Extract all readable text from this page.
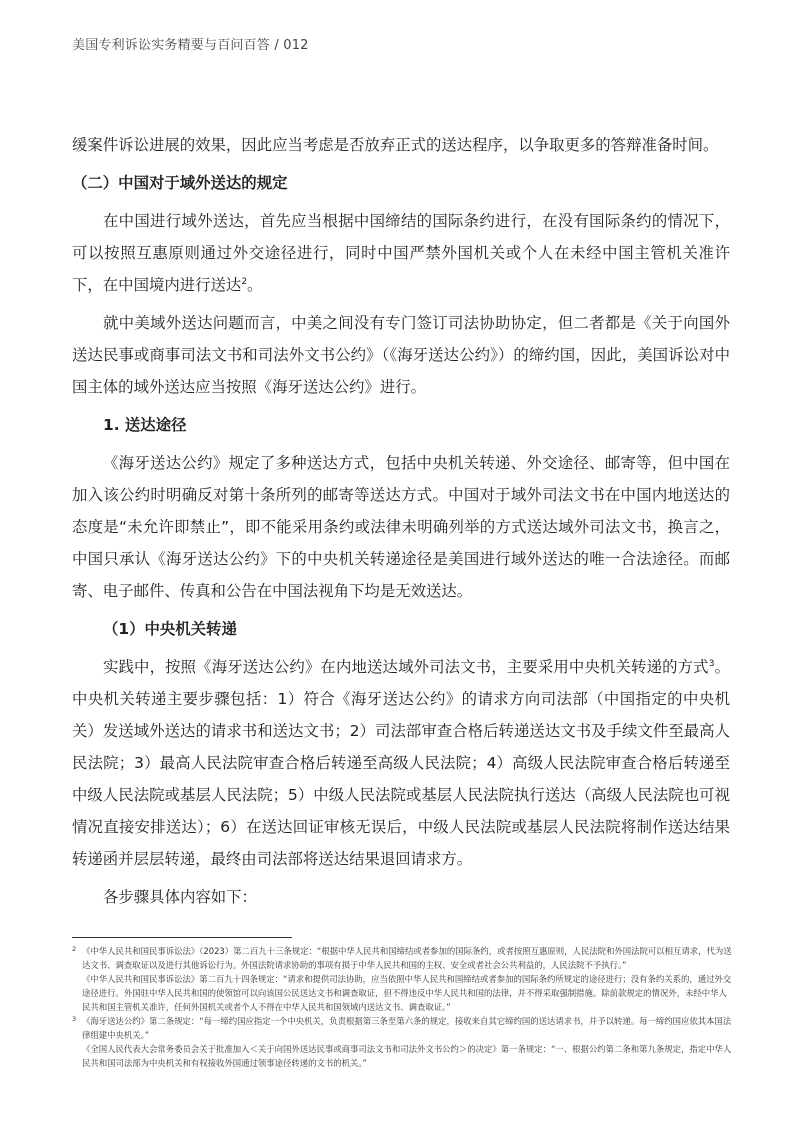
美国专利诉讼实务精要与百问百答 / 012

缓案件诉讼进展的效果，因此应当考虑是否放弃正式的送达程序，以争取更多的答辩准备时间。

（二）中国对于域外送达的规定

在中国进行域外送达，首先应当根据中国缔结的国际条约进行，在没有国际条约的情况下，可以按照互惠原则通过外交途径进行，同时中国严禁外国机关或个人在未经中国主管机关准许下，在中国境内进行送达$^2$。

就中美域外送达问题而言，中美之间没有专门签订司法协助协定，但二者都是《关于向国外送达民事或商事司法文书和司法外文书公约》（《海牙送达公约》）的缔约国，因此，美国诉讼对中国主体的域外送达应当按照《海牙送达公约》进行。

1. 送达途径

《海牙送达公约》规定了多种送达方式，包括中央机关转递、外交途径、邮寄等，但中国在加入该公约时明确反对第十条所列的邮寄等送达方式。中国对于域外司法文书在中国内地送达的态度是“未允许即禁止”，即不能采用条约或法律未明确列举的方式送达域外司法文书，换言之，中国只承认《海牙送达公约》下的中央机关转递途径是美国进行域外送达的唯一合法途径。而邮寄、电子邮件、传真和公告在中国法视角下均是无效送达。

（1）中央机关转递

实践中，按照《海牙送达公约》在内地送达域外司法文书，主要采用中央机关转递的方式$^3$。中央机关转递主要步骤包括：1）符合《海牙送达公约》的请求方向司法部（中国指定的中央机关）发送域外送达的请求书和送达文书；2）司法部审查合格后转递送达文书及手续文件至最高人民法院；3）最高人民法院审查合格后转递至高级人民法院；4）高级人民法院审查合格后转递至中级人民法院或基层人民法院；5）中级人民法院或基层人民法院执行送达（高级人民法院也可视情况直接安排送达）；6）在送达回证审核无误后，中级人民法院或基层人民法院将制作送达结果转递函并层层转递，最终由司法部将送达结果退回请求方。

各步骤具体内容如下：

2 《中华人民共和国民事诉讼法》（2023）第二百九十三条规定：“根据中华人民共和国缔结或者参加的国际条约，或者按照互惠原则，人民法院和外国法院可以相互请求，代为送达文书、调查取证以及进行其他诉讼行为。外国法院请求协助的事项有损于中华人民共和国的主权、安全或者社会公共利益的，人民法院不予执行。”

《中华人民共和国民事诉讼法》第二百九十四条规定：“请求和提供司法协助，应当依照中华人民共和国缔结或者参加的国际条约所规定的途径进行；没有条约关系的，通过外交途径进行。外国驻中华人民共和国的使领馆可以向该国公民送达文书和调查取证，但不得违反中华人民共和国的法律，并不得采取强制措施。除前款规定的情况外，未经中华人民共和国主管机关准许，任何外国机关或者个人不得在中华人民共和国领域内送达文书、调查取证。”

3 《海牙送达公约》第二条规定：“每一缔约国应指定一个中央机关，负责根据第三条至第六条的规定，接收来自其它缔约国的送达请求书，并予以转递。每一缔约国应依其本国法律组建中央机关。”

《全国人民代表大会常务委员会关于批准加入＜关于向国外送达民事或商事司法文书和司法外文书公约＞的决定》第一条规定：“一、根据公约第二条和第九条规定，指定中华人民共和国司法部为中央机关和有权接收外国通过领事途径转递的文书的机关。”
